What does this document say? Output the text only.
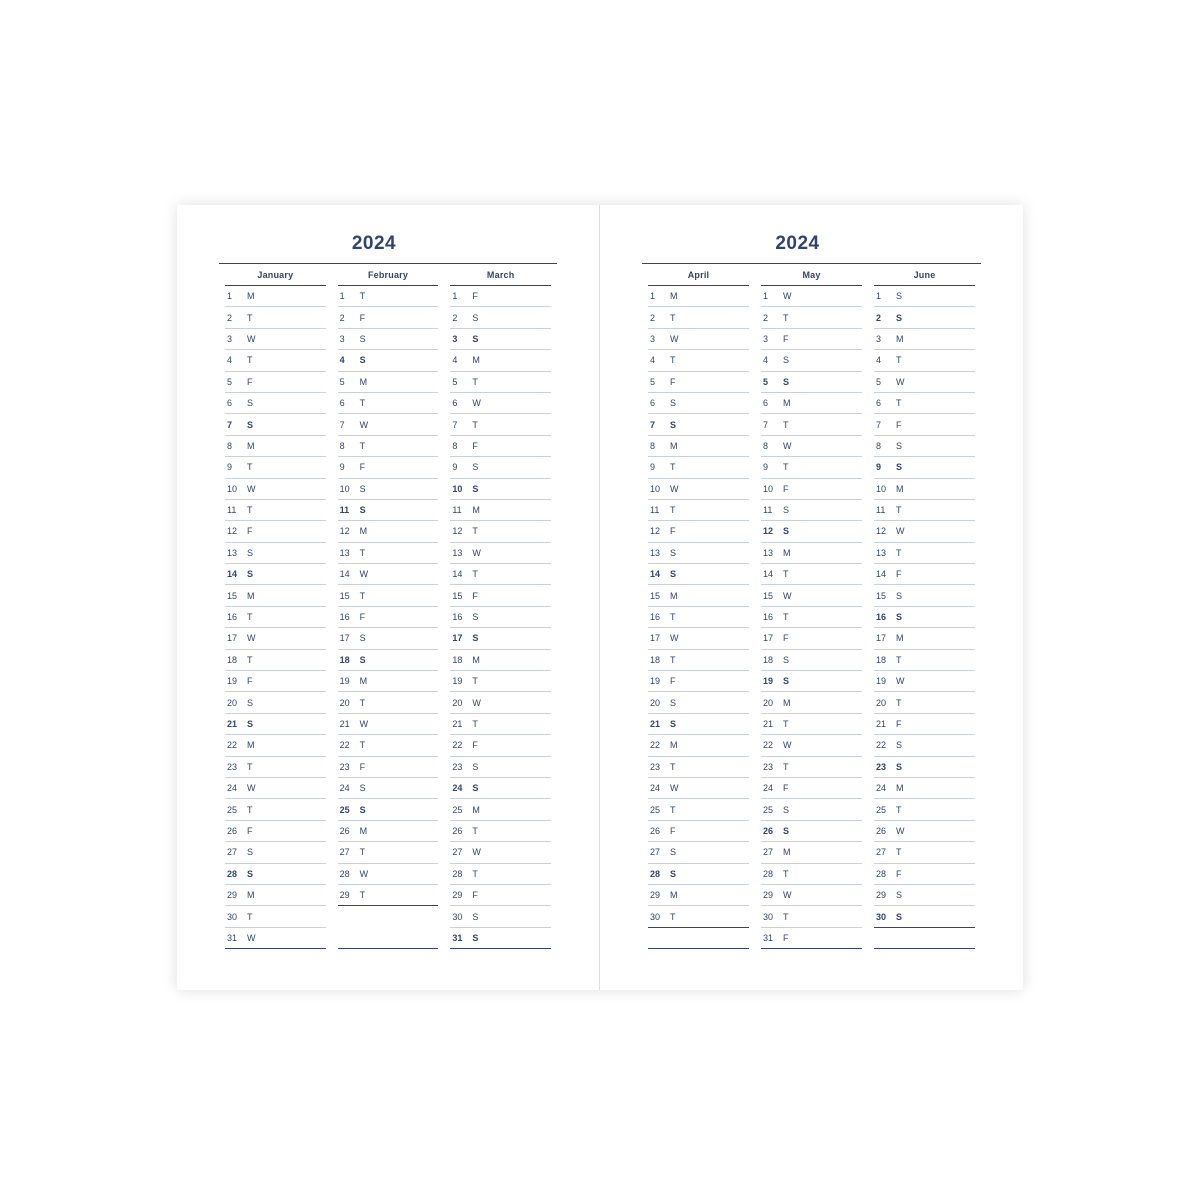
2024
January
1	M
2	T
3	W
4	T
5	F
6	S
7	S
8	M
9	T
10	W
11	T
12	F
13	S
14	S
15	M
16	T
17	W
18	T
19	F
20	S
21	S
22	M
23	T
24	W
25	T
26	F
27	S
28	S
29	M
30	T
31	W
February
1	T
2	F
3	S
4	S
5	M
6	T
7	W
8	T
9	F
10	S
11	S
12	M
13	T
14	W
15	T
16	F
17	S
18	S
19	M
20	T
21	W
22	T
23	F
24	S
25	S
26	M
27	T
28	W
29	T
March
1	F
2	S
3	S
4	M
5	T
6	W
7	T
8	F
9	S
10	S
11	M
12	T
13	W
14	T
15	F
16	S
17	S
18	M
19	T
20	W
21	T
22	F
23	S
24	S
25	M
26	T
27	W
28	T
29	F
30	S
31	S
2024
April
1	M
2	T
3	W
4	T
5	F
6	S
7	S
8	M
9	T
10	W
11	T
12	F
13	S
14	S
15	M
16	T
17	W
18	T
19	F
20	S
21	S
22	M
23	T
24	W
25	T
26	F
27	S
28	S
29	M
30	T
May
1	W
2	T
3	F
4	S
5	S
6	M
7	T
8	W
9	T
10	F
11	S
12	S
13	M
14	T
15	W
16	T
17	F
18	S
19	S
20	M
21	T
22	W
23	T
24	F
25	S
26	S
27	M
28	T
29	W
30	T
31	F
June
1	S
2	S
3	M
4	T
5	W
6	T
7	F
8	S
9	S
10	M
11	T
12	W
13	T
14	F
15	S
16	S
17	M
18	T
19	W
20	T
21	F
22	S
23	S
24	M
25	T
26	W
27	T
28	F
29	S
30	S
